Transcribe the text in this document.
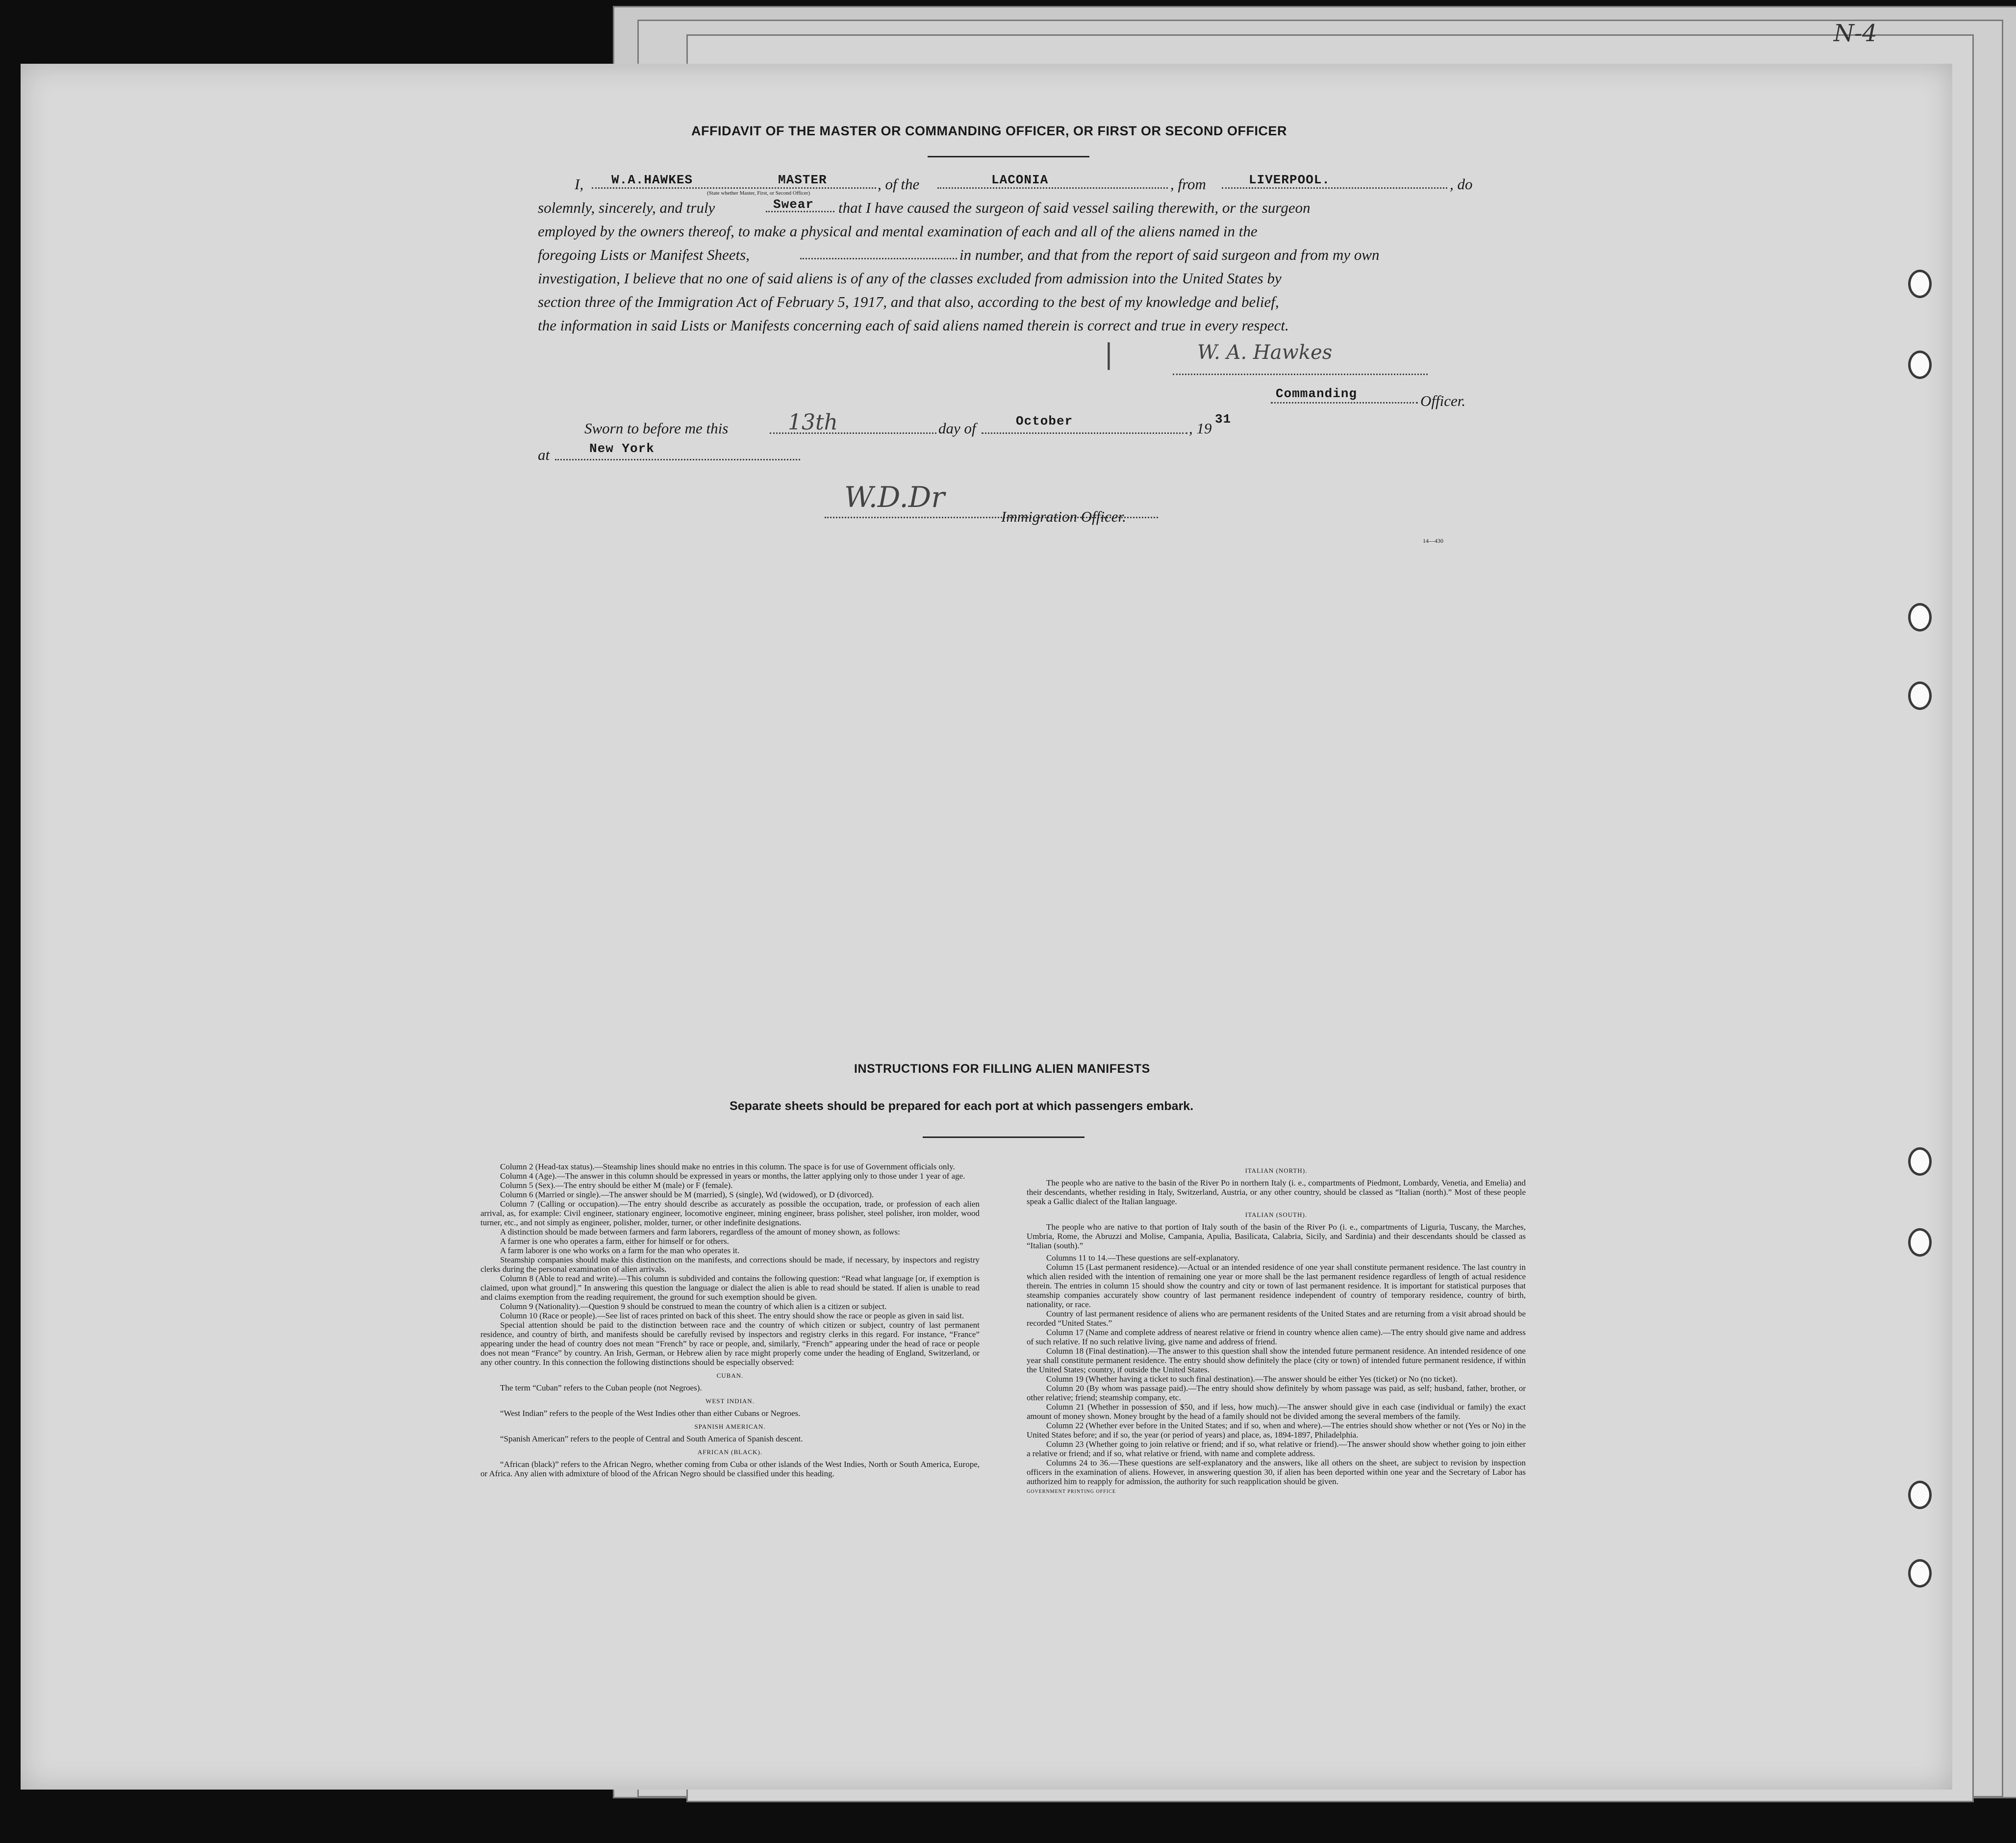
N-4
AFFIDAVIT OF THE MASTER OR COMMANDING OFFICER, OR FIRST OR SECOND OFFICER
I, W.A.HAWKES	MASTER
(State whether Master, First, or Second Officer)
, of the	LACONIA	, from	LIVERPOOL.	, do
solemnly, sincerely, and truly	Swear that I have caused the surgeon of said vessel sailing therewith, or the surgeon
employed by the owners thereof, to make a physical and mental examination of each and all of the aliens named in the
foregoing Lists or Manifest Sheets,	in number, and that from the report of said surgeon and from my own
investigation, I believe that no one of said aliens is of any of the classes excluded from admission into the United States by
section three of the Immigration Act of February 5, 1917, and that also, according to the best of my knowledge and belief,
the information in said Lists or Manifests concerning each of said aliens named therein is correct and true in every respect.
W. A. Hawkes
|
Commanding	Officer.
Sworn to before me this	13th	day of	October	, 19
31
at	New York
W.D.Dr
Immigration Officer.
14—430
INSTRUCTIONS FOR FILLING ALIEN MANIFESTS
Separate sheets should be prepared for each port at which passengers embark.

Column 2 (Head-tax status).—Steamship lines should make no entries in this column. The space is for use of Government officials only.

Column 4 (Age).—The answer in this column should be expressed in years or months, the latter applying only to those under 1 year of age.

Column 5 (Sex).—The entry should be either M (male) or F (female).

Column 6 (Married or single).—The answer should be M (married), S (single), Wd (widowed), or D (divorced).

Column 7 (Calling or occupation).—The entry should describe as accurately as possible the occupation, trade, or profession of each alien arrival, as, for example: Civil engineer, stationary engineer, locomotive engineer, mining engineer, brass polisher, steel polisher, iron molder, wood turner, etc., and not simply as engineer, polisher, molder, turner, or other indefinite designations.

A distinction should be made between farmers and farm laborers, regardless of the amount of money shown, as follows:

A farmer is one who operates a farm, either for himself or for others.

A farm laborer is one who works on a farm for the man who operates it.

Steamship companies should make this distinction on the manifests, and corrections should be made, if necessary, by inspectors and registry clerks during the personal examination of alien arrivals.

Column 8 (Able to read and write).—This column is subdivided and contains the following question: “Read what language [or, if exemption is claimed, upon what ground].” In answering this question the language or dialect the alien is able to read should be stated. If alien is unable to read and claims exemption from the reading requirement, the ground for such exemption should be given.

Column 9 (Nationality).—Question 9 should be construed to mean the country of which alien is a citizen or subject.

Column 10 (Race or people).—See list of races printed on back of this sheet. The entry should show the race or people as given in said list.

Special attention should be paid to the distinction between race and the country of which citizen or subject, country of last permanent residence, and country of birth, and manifests should be carefully revised by inspectors and registry clerks in this regard. For instance, “France” appearing under the head of country does not mean “French” by race or people, and, similarly, “French” appearing under the head of race or people does not mean “France” by country. An Irish, German, or Hebrew alien by race might properly come under the heading of England, Switzerland, or any other country. In this connection the following distinctions should be especially observed:

CUBAN.
The term “Cuban” refers to the Cuban people (not Negroes).
WEST INDIAN.
“West Indian” refers to the people of the West Indies other than either Cubans or Negroes.
SPANISH AMERICAN.
“Spanish American” refers to the people of Central and South America of Spanish descent.
AFRICAN (BLACK).
“African (black)” refers to the African Negro, whether coming from Cuba or other islands of the West Indies, North or South America, Europe, or Africa. Any alien with admixture of blood of the African Negro should be classified under this heading.
ITALIAN (NORTH).
The people who are native to the basin of the River Po in northern Italy (i. e., compartments of Piedmont, Lombardy, Venetia, and Emelia) and their descendants, whether residing in Italy, Switzerland, Austria, or any other country, should be classed as “Italian (north).” Most of these people speak a Gallic dialect of the Italian language.
ITALIAN (SOUTH).
The people who are native to that portion of Italy south of the basin of the River Po (i. e., compartments of Liguria, Tuscany, the Marches, Umbria, Rome, the Abruzzi and Molise, Campania, Apulia, Basilicata, Calabria, Sicily, and Sardinia) and their descendants should be classed as “Italian (south).”

Columns 11 to 14.—These questions are self-explanatory.

Column 15 (Last permanent residence).—Actual or an intended residence of one year shall constitute permanent residence. The last country in which alien resided with the intention of remaining one year or more shall be the last permanent residence regardless of length of actual residence therein. The entries in column 15 should show the country and city or town of last permanent residence. It is important for statistical purposes that steamship companies accurately show country of last permanent residence independent of country of temporary residence, country of birth, nationality, or race.

Country of last permanent residence of aliens who are permanent residents of the United States and are returning from a visit abroad should be recorded “United States.”

Column 17 (Name and complete address of nearest relative or friend in country whence alien came).—The entry should give name and address of such relative. If no such relative living, give name and address of friend.

Column 18 (Final destination).—The answer to this question shall show the intended future permanent residence. An intended residence of one year shall constitute permanent residence. The entry should show definitely the place (city or town) of intended future permanent residence, if within the United States; country, if outside the United States.

Column 19 (Whether having a ticket to such final destination).—The answer should be either Yes (ticket) or No (no ticket).

Column 20 (By whom was passage paid).—The entry should show definitely by whom passage was paid, as self; husband, father, brother, or other relative; friend; steamship company, etc.

Column 21 (Whether in possession of $50, and if less, how much).—The answer should give in each case (individual or family) the exact amount of money shown. Money brought by the head of a family should not be divided among the several members of the family.

Column 22 (Whether ever before in the United States; and if so, when and where).—The entries should show whether or not (Yes or No) in the United States before; and if so, the year (or period of years) and place, as, 1894-1897, Philadelphia.

Column 23 (Whether going to join relative or friend; and if so, what relative or friend).—The answer should show whether going to join either a relative or friend; and if so, what relative or friend, with name and complete address.

Columns 24 to 36.—These questions are self-explanatory and the answers, like all others on the sheet, are subject to revision by inspection officers in the examination of aliens. However, in answering question 30, if alien has been deported within one year and the Secretary of Labor has authorized him to reapply for admission, the authority for such reapplication should be given.

GOVERNMENT PRINTING OFFICE
